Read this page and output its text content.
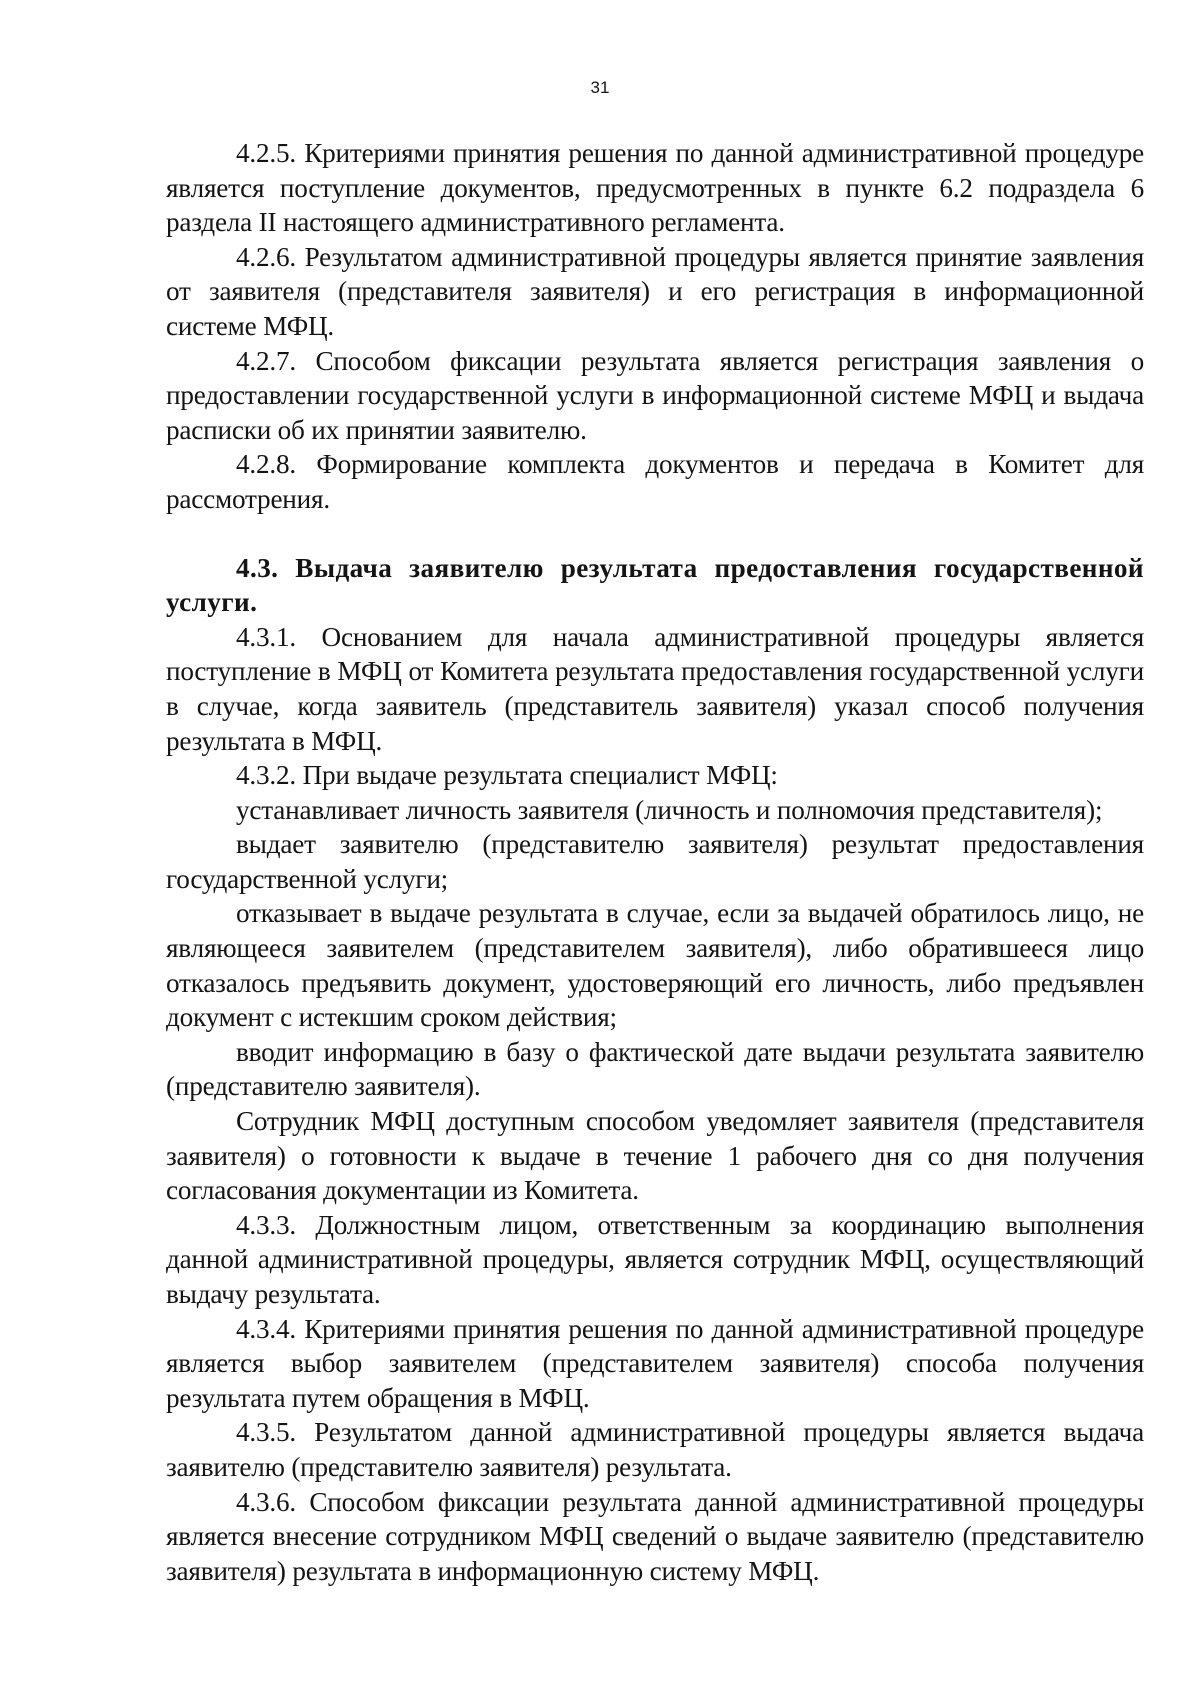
31

4.2.5. Критериями принятия решения по данной административной процедуре является поступление документов, предусмотренных в пункте 6.2 подраздела 6 раздела II настоящего административного регламента.

4.2.6. Результатом административной процедуры является принятие заявления от заявителя (представителя заявителя) и его регистрация в информационной системе МФЦ.

4.2.7. Способом фиксации результата является регистрация заявления о предоставлении государственной услуги в информационной системе МФЦ и выдача расписки об их принятии заявителю.

4.2.8. Формирование комплекта документов и передача в Комитет для рассмотрения.

4.3. Выдача заявителю результата предоставления государственной услуги.

4.3.1. Основанием для начала административной процедуры является поступление в МФЦ от Комитета результата предоставления государственной услуги в случае, когда заявитель (представитель заявителя) указал способ получения результата в МФЦ.

4.3.2. При выдаче результата специалист МФЦ:

устанавливает личность заявителя (личность и полномочия представителя);

выдает заявителю (представителю заявителя) результат предоставления государственной услуги;

отказывает в выдаче результата в случае, если за выдачей обратилось лицо, не являющееся заявителем (представителем заявителя), либо обратившееся лицо отказалось предъявить документ, удостоверяющий его личность, либо предъявлен документ с истекшим сроком действия;

вводит информацию в базу о фактической дате выдачи результата заявителю (представителю заявителя).

Сотрудник МФЦ доступным способом уведомляет заявителя (представителя заявителя) о готовности к выдаче в течение 1 рабочего дня со дня получения согласования документации из Комитета.

4.3.3. Должностным лицом, ответственным за координацию выполнения данной административной процедуры, является сотрудник МФЦ, осуществляющий выдачу результата.

4.3.4. Критериями принятия решения по данной административной процедуре является выбор заявителем (представителем заявителя) способа получения результата путем обращения в МФЦ.

4.3.5. Результатом данной административной процедуры является выдача заявителю (представителю заявителя) результата.

4.3.6. Способом фиксации результата данной административной процедуры является внесение сотрудником МФЦ сведений о выдаче заявителю (представителю заявителя) результата в информационную систему МФЦ.
